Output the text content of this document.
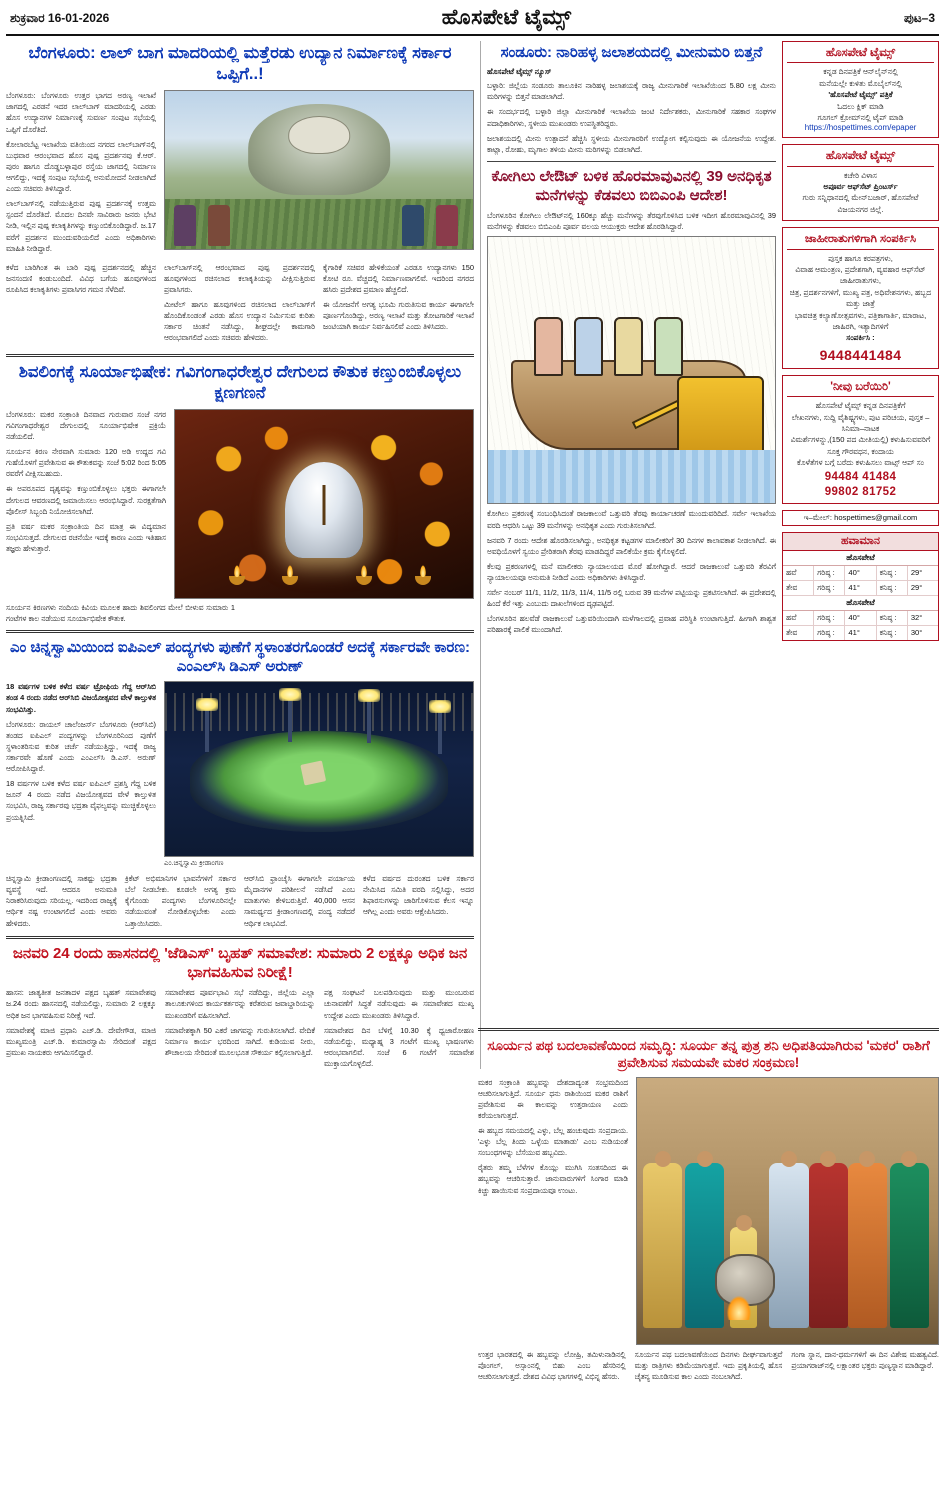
ಶುಕ್ರವಾರ 16-01-2026	ಹೊಸಪೇಟೆ ಟೈಮ್ಸ್	ಪುಟ–3
ಬೆಂಗಳೂರು: ಲಾಲ್ ಬಾಗ ಮಾದರಿಯಲ್ಲಿ ಮತ್ತೆರಡು ಉದ್ಯಾನ ನಿರ್ಮಾಣಕ್ಕೆ ಸರ್ಕಾರ ಒಪ್ಪಿಗೆ..!

ಬೆಂಗಳೂರು: ಬೆಂಗಳೂರು ಉತ್ತರ ಭಾಗದ ಅರಣ್ಯ ಇಲಾಖೆ ಜಾಗದಲ್ಲಿ ಎರಡನೆ ಇದರ ಲಾಲ್‌ಬಾಗ್ ಮಾದರಿಯಲ್ಲಿ ಎರಡು ಹೊಸ ಉದ್ಯಾನಗಳ ನಿರ್ಮಾಣಕ್ಕೆ ಸುವರ್ಣ ಸಂಪುಟ ಸಭೆಯಲ್ಲಿ ಒಪ್ಪಿಗೆ ದೊರೆತಿದೆ.

ಕೋಲಾರಬೆಟ್ಟ ಇಲಾಖೆಯ ವತಿಯಿಂದ ನಗರದ ಲಾಲ್‌ಬಾಗ್‌ನಲ್ಲಿ ಬುಧವಾರ ಆರಂಭವಾದ ಹೊಸ ಪುಷ್ಪ ಪ್ರದರ್ಶನವು ಕೆ.ಆರ್. ಪುರಂ ಹಾಗೂ ದೊಡ್ಡಬಳ್ಳಾಪುರ ರಸ್ತೆಯ ಜಾಗದಲ್ಲಿ ನಿರ್ಮಾಣ ಆಗಲಿದ್ದು, ಇದಕ್ಕೆ ಸಂಪುಟ ಸಭೆಯಲ್ಲಿ ಅನುಮೋದನೆ ನೀಡಲಾಗಿದೆ ಎಂದು ಸಚಿವರು ತಿಳಿಸಿದ್ದಾರೆ.

ಲಾಲ್‌ಬಾಗ್‌ನಲ್ಲಿ ನಡೆಯುತ್ತಿರುವ ಪುಷ್ಪ ಪ್ರದರ್ಶನಕ್ಕೆ ಉತ್ತಮ ಸ್ಪಂದನೆ ದೊರೆತಿದೆ. ಮೊದಲ ದಿನವೇ ಸಾವಿರಾರು ಜನರು ಭೇಟಿ ನೀಡಿ, ಇಲ್ಲಿನ ಪುಷ್ಪ ಕಲಾಕೃತಿಗಳನ್ನು ಕಣ್ತುಂಬಿಕೊಂಡಿದ್ದಾರೆ. ಜ.17 ವರೆಗೆ ಪ್ರದರ್ಶನ ಮುಂದುವರಿಯಲಿದೆ ಎಂದು ಅಧಿಕಾರಿಗಳು ಮಾಹಿತಿ ನೀಡಿದ್ದಾರೆ.

ಕಳೆದ ಬಾರಿಗಿಂತ ಈ ಬಾರಿ ಪುಷ್ಪ ಪ್ರದರ್ಶನದಲ್ಲಿ ಹೆಚ್ಚಿನ ಜನಸಂದಣಿ ಕಂಡುಬಂದಿದೆ. ವಿವಿಧ ಬಗೆಯ ಹೂವುಗಳಿಂದ ರೂಪಿಸಿದ ಕಲಾಕೃತಿಗಳು ಪ್ರವಾಸಿಗರ ಗಮನ ಸೆಳೆದಿವೆ.

ಲಾಲ್‌ಬಾಗ್‌ನಲ್ಲಿ ಆರಂಭವಾದ ಪುಷ್ಪ ಪ್ರದರ್ಶನದಲ್ಲಿ ಹೂವುಗಳಿಂದ ರಚಿಸಲಾದ ಕಲಾಕೃತಿಯನ್ನು ವೀಕ್ಷಿಸುತ್ತಿರುವ ಪ್ರವಾಸಿಗರು.

ಮೀಟೆಲ್ ಹಾಗೂ ಹೂವುಗಳಿಂದ ರಚಿಸಲಾದ ಲಾಲ್‌ಬಾಗ್‌ಗೆ ಹೊಂದಿಕೊಂಡಂತೆ ಎರಡು ಹೊಸ ಉದ್ಯಾನ ನಿರ್ಮಿಸುವ ಕುರಿತು ಸರ್ಕಾರ ಚಿಂತನೆ ನಡೆಸಿದ್ದು, ಶೀಘ್ರದಲ್ಲೇ ಕಾಮಗಾರಿ ಆರಂಭವಾಗಲಿದೆ ಎಂದು ಸಚಿವರು ಹೇಳಿದರು.

ಕೈಗಾರಿಕೆ ಸಚಿವರ ಹೇಳಿಕೆಯಂತೆ ಎರಡೂ ಉದ್ಯಾನಗಳು 150 ಕೋಟಿ ರೂ. ವೆಚ್ಚದಲ್ಲಿ ನಿರ್ಮಾಣವಾಗಲಿವೆ. ಇದರಿಂದ ನಗರದ ಹಸಿರು ಪ್ರದೇಶದ ಪ್ರಮಾಣ ಹೆಚ್ಚಲಿದೆ.

ಈ ಯೋಜನೆಗೆ ಅಗತ್ಯ ಭೂಮಿ ಗುರುತಿಸುವ ಕಾರ್ಯ ಈಗಾಗಲೇ ಪೂರ್ಣಗೊಂಡಿದ್ದು, ಅರಣ್ಯ ಇಲಾಖೆ ಮತ್ತು ತೋಟಗಾರಿಕೆ ಇಲಾಖೆ ಜಂಟಿಯಾಗಿ ಕಾರ್ಯ ನಿರ್ವಹಿಸಲಿವೆ ಎಂದು ತಿಳಿಸಿದರು.

ಶಿವಲಿಂಗಕ್ಕೆ ಸೂರ್ಯಾಭಿಷೇಕ: ಗವಿಗಂಗಾಧರೇಶ್ವರ ದೇಗುಲದ ಕೌತುಕ ಕಣ್ತುಂಬಿಕೊಳ್ಳಲು ಕ್ಷಣಗಣನೆ

ಬೆಂಗಳೂರು: ಮಕರ ಸಂಕ್ರಾಂತಿ ದಿನವಾದ ಗುರುವಾರ ಸಂಜೆ ನಗರ ಗವಿಗಂಗಾಧರೇಶ್ವರ ದೇಗುಲದಲ್ಲಿ ಸೂರ್ಯಾಭಿಷೇಕ ಪ್ರಕ್ರಿಯೆ ನಡೆಯಲಿದೆ.

ಸೂರ್ಯನ ಕಿರಣ ನೇರವಾಗಿ ಸುಮಾರು 120 ಅಡಿ ಉದ್ದದ ಗವಿ ಗುಹೆಯೊಳಗೆ ಪ್ರವೇಶಿಸುವ ಈ ಕೌತುಕವನ್ನು ಸಂಜೆ 5:02 ರಿಂದ 5:05 ರವರೆಗೆ ವೀಕ್ಷಿಸಬಹುದು.

ಈ ಅಪರೂಪದ ದೃಶ್ಯವನ್ನು ಕಣ್ತುಂಬಿಕೊಳ್ಳಲು ಭಕ್ತರು ಈಗಾಗಲೇ ದೇಗುಲದ ಆವರಣದಲ್ಲಿ ಜಮಾಯಿಸಲು ಆರಂಭಿಸಿದ್ದಾರೆ. ಸುರಕ್ಷತೆಗಾಗಿ ಪೊಲೀಸ್ ಸಿಬ್ಬಂದಿ ನಿಯೋಜಿಸಲಾಗಿದೆ.

ಪ್ರತಿ ವರ್ಷ ಮಕರ ಸಂಕ್ರಾಂತಿಯ ದಿನ ಮಾತ್ರ ಈ ವಿದ್ಯಮಾನ ಸಂಭವಿಸುತ್ತದೆ. ದೇಗುಲದ ರಚನೆಯೇ ಇದಕ್ಕೆ ಕಾರಣ ಎಂದು ಇತಿಹಾಸ ತಜ್ಞರು ಹೇಳುತ್ತಾರೆ.

ಸೂರ್ಯನ ಕಿರಣಗಳು ನಂದಿಯ ಕಿವಿಯ ಮೂಲಕ ಹಾದು ಶಿವಲಿಂಗದ ಮೇಲೆ ಬೀಳುವ ಸುಮಾರು 1 ಗಂಟೆಗಳ ಕಾಲ ನಡೆಯುವ ಸೂರ್ಯಾಭಿಷೇಕ ಕೌತುಕ.

ಎಂ ಚಿನ್ನಸ್ವಾಮಿಯಿಂದ ಐಪಿಎಲ್ ಪಂದ್ಯಗಳು ಪುಣೆಗೆ ಸ್ಥಳಾಂತರಗೊಂಡರೆ ಅದಕ್ಕೆ ಸರ್ಕಾರವೇ ಕಾರಣ: ಎಂಎಲ್‌ಸಿ ಡಿಎಸ್ ಅರುಣ್

18 ವರ್ಷಗಳ ಬಳಿಕ ಕಳೆದ ವರ್ಷ ಟ್ರೋಫಿಯ ಗೆದ್ದ ಆರ್‌ಸಿಬಿ ತಂಡ 4 ರಂದು ನಡೆದ ಆರ್‌ಸಿಬಿ ವಿಜಯೋತ್ಸವದ ವೇಳೆ ಕಾಲ್ತುಳಿತ ಸಂಭವಿಸಿತ್ತು.

ಬೆಂಗಳೂರು: ರಾಯಲ್ ಚಾಲೆಂಜರ್ಸ್ ಬೆಂಗಳೂರು (ಆರ್‌ಸಿಬಿ) ತಂಡದ ಐಪಿಎಲ್ ಪಂದ್ಯಗಳನ್ನು ಬೆಂಗಳೂರಿನಿಂದ ಪುಣೆಗೆ ಸ್ಥಳಾಂತರಿಸುವ ಕುರಿತ ಚರ್ಚೆ ನಡೆಯುತ್ತಿದ್ದು, ಇದಕ್ಕೆ ರಾಜ್ಯ ಸರ್ಕಾರವೇ ಹೊಣೆ ಎಂದು ಎಂಎಲ್‌ಸಿ ಡಿ.ಎಸ್. ಅರುಣ್ ಆರೋಪಿಸಿದ್ದಾರೆ.

18 ವರ್ಷಗಳ ಬಳಿಕ ಕಳೆದ ವರ್ಷ ಐಪಿಎಲ್ ಪ್ರಶಸ್ತಿ ಗೆದ್ದ ಬಳಿಕ ಜೂನ್ 4 ರಂದು ನಡೆದ ವಿಜಯೋತ್ಸವದ ವೇಳೆ ಕಾಲ್ತುಳಿತ ಸಂಭವಿಸಿ, ರಾಜ್ಯ ಸರ್ಕಾರವು ಭದ್ರತಾ ವೈಫಲ್ಯವನ್ನು ಮುಚ್ಚಿಕೊಳ್ಳಲು ಪ್ರಯತ್ನಿಸಿದೆ.

ಎಂ.ಚಿನ್ನಸ್ವಾಮಿ ಕ್ರೀಡಾಂಗಣ

ಚಿನ್ನಸ್ವಾಮಿ ಕ್ರೀಡಾಂಗಣದಲ್ಲಿ ಸಾಕಷ್ಟು ಭದ್ರತಾ ವ್ಯವಸ್ಥೆ ಇದೆ. ಆದರೂ ಅನುಮತಿ ನಿರಾಕರಿಸಿರುವುದು ಸರಿಯಲ್ಲ. ಇದರಿಂದ ರಾಜ್ಯಕ್ಕೆ ಆರ್ಥಿಕ ನಷ್ಟ ಉಂಟಾಗಲಿದೆ ಎಂದು ಅವರು ಹೇಳಿದರು.

ಕ್ರಿಕೆಟ್ ಅಭಿಮಾನಿಗಳ ಭಾವನೆಗಳಿಗೆ ಸರ್ಕಾರ ಬೆಲೆ ನೀಡಬೇಕು. ಕೂಡಲೇ ಅಗತ್ಯ ಕ್ರಮ ಕೈಗೊಂಡು ಪಂದ್ಯಗಳು ಬೆಂಗಳೂರಿನಲ್ಲೇ ನಡೆಯುವಂತೆ ನೋಡಿಕೊಳ್ಳಬೇಕು ಎಂದು ಒತ್ತಾಯಿಸಿದರು.

ಆರ್‌ಸಿಬಿ ಫ್ರಾಂಚೈಸಿ ಈಗಾಗಲೇ ಪರ್ಯಾಯ ಮೈದಾನಗಳ ಪರಿಶೀಲನೆ ನಡೆಸಿದೆ ಎಂಬ ಮಾತುಗಳು ಕೇಳಿಬರುತ್ತಿವೆ. 40,000 ಆಸನ ಸಾಮರ್ಥ್ಯದ ಕ್ರೀಡಾಂಗಣದಲ್ಲಿ ಪಂದ್ಯ ನಡೆದರೆ ಆರ್ಥಿಕ ಲಾಭವಿದೆ.

ಕಳೆದ ವರ್ಷದ ದುರಂತದ ಬಳಿಕ ಸರ್ಕಾರ ನೇಮಿಸಿದ ಸಮಿತಿ ವರದಿ ಸಲ್ಲಿಸಿದ್ದು, ಅದರ ಶಿಫಾರಸುಗಳನ್ನು ಜಾರಿಗೊಳಿಸುವ ಕೆಲಸ ಇನ್ನೂ ಆಗಿಲ್ಲ ಎಂದು ಅವರು ಆಕ್ಷೇಪಿಸಿದರು.

ಜನವರಿ 24 ರಂದು ಹಾಸನದಲ್ಲಿ 'ಜೆಡಿಎಸ್' ಬೃಹತ್ ಸಮಾವೇಶ: ಸುಮಾರು 2 ಲಕ್ಷಕ್ಕೂ ಅಧಿಕ ಜನ ಭಾಗವಹಿಸುವ ನಿರೀಕ್ಷೆ!

ಹಾಸನ: ಜಾತ್ಯತೀತ ಜನತಾದಳ ಪಕ್ಷದ ಬೃಹತ್ ಸಮಾವೇಶವು ಜ.24 ರಂದು ಹಾಸನದಲ್ಲಿ ನಡೆಯಲಿದ್ದು, ಸುಮಾರು 2 ಲಕ್ಷಕ್ಕೂ ಅಧಿಕ ಜನ ಭಾಗವಹಿಸುವ ನಿರೀಕ್ಷೆ ಇದೆ.

ಸಮಾವೇಶಕ್ಕೆ ಮಾಜಿ ಪ್ರಧಾನಿ ಎಚ್.ಡಿ. ದೇವೇಗೌಡ, ಮಾಜಿ ಮುಖ್ಯಮಂತ್ರಿ ಎಚ್.ಡಿ. ಕುಮಾರಸ್ವಾಮಿ ಸೇರಿದಂತೆ ಪಕ್ಷದ ಪ್ರಮುಖ ನಾಯಕರು ಆಗಮಿಸಲಿದ್ದಾರೆ.

ಸಮಾವೇಶದ ಪೂರ್ವಭಾವಿ ಸಭೆ ನಡೆದಿದ್ದು, ಜಿಲ್ಲೆಯ ಎಲ್ಲಾ ತಾಲೂಕುಗಳಿಂದ ಕಾರ್ಯಕರ್ತರನ್ನು ಕರೆತರುವ ಜವಾಬ್ದಾರಿಯನ್ನು ಮುಖಂಡರಿಗೆ ವಹಿಸಲಾಗಿದೆ.

ಸಮಾವೇಶಕ್ಕಾಗಿ 50 ಎಕರೆ ಜಾಗವನ್ನು ಗುರುತಿಸಲಾಗಿದೆ. ವೇದಿಕೆ ನಿರ್ಮಾಣ ಕಾರ್ಯ ಭರದಿಂದ ಸಾಗಿದೆ. ಕುಡಿಯುವ ನೀರು, ಶೌಚಾಲಯ ಸೇರಿದಂತೆ ಮೂಲಭೂತ ಸೌಕರ್ಯ ಕಲ್ಪಿಸಲಾಗುತ್ತಿದೆ.

ಪಕ್ಷ ಸಂಘಟನೆ ಬಲಪಡಿಸುವುದು ಮತ್ತು ಮುಂಬರುವ ಚುನಾವಣೆಗೆ ಸಿದ್ಧತೆ ನಡೆಸುವುದು ಈ ಸಮಾವೇಶದ ಮುಖ್ಯ ಉದ್ದೇಶ ಎಂದು ಮುಖಂಡರು ತಿಳಿಸಿದ್ದಾರೆ.

ಸಮಾವೇಶದ ದಿನ ಬೆಳಿಗ್ಗೆ 10.30 ಕ್ಕೆ ಧ್ವಜಾರೋಹಣ ನಡೆಯಲಿದ್ದು, ಮಧ್ಯಾಹ್ನ 3 ಗಂಟೆಗೆ ಮುಖ್ಯ ಭಾಷಣಗಳು ಆರಂಭವಾಗಲಿವೆ. ಸಂಜೆ 6 ಗಂಟೆಗೆ ಸಮಾವೇಶ ಮುಕ್ತಾಯಗೊಳ್ಳಲಿದೆ.

ಸಂಡೂರು: ನಾರಿಹಳ್ಳ ಜಲಾಶಯದಲ್ಲಿ ಮೀನುಮರಿ ಬಿತ್ತನೆ
ಹೊಸಪೇಟೆ ಟೈಮ್ಸ್ ನ್ಯೂಸ್

ಬಳ್ಳಾರಿ: ಜಿಲ್ಲೆಯ ಸಂಡೂರು ತಾಲೂಕಿನ ನಾರಿಹಳ್ಳ ಜಲಾಶಯಕ್ಕೆ ರಾಜ್ಯ ಮೀನುಗಾರಿಕೆ ಇಲಾಖೆಯಿಂದ 5.80 ಲಕ್ಷ ಮೀನು ಮರಿಗಳನ್ನು ಬಿತ್ತನೆ ಮಾಡಲಾಗಿದೆ.

ಈ ಸಂದರ್ಭದಲ್ಲಿ ಬಳ್ಳಾರಿ ಜಿಲ್ಲಾ ಮೀನುಗಾರಿಕೆ ಇಲಾಖೆಯ ಜಂಟಿ ನಿರ್ದೇಶಕರು, ಮೀನುಗಾರಿಕೆ ಸಹಕಾರ ಸಂಘಗಳ ಪದಾಧಿಕಾರಿಗಳು, ಸ್ಥಳೀಯ ಮುಖಂಡರು ಉಪಸ್ಥಿತರಿದ್ದರು.

ಜಲಾಶಯದಲ್ಲಿ ಮೀನು ಉತ್ಪಾದನೆ ಹೆಚ್ಚಿಸಿ ಸ್ಥಳೀಯ ಮೀನುಗಾರರಿಗೆ ಉದ್ಯೋಗ ಕಲ್ಪಿಸುವುದು ಈ ಯೋಜನೆಯ ಉದ್ದೇಶ. ಕಾಟ್ಲಾ, ರೋಹು, ಮೃಗಾಲ ತಳಿಯ ಮೀನು ಮರಿಗಳನ್ನು ಬಿಡಲಾಗಿದೆ.

ಕೋಗಿಲು ಲೇಔಟ್ ಬಳಿಕ ಹೊರಮಾವುವಿನಲ್ಲಿ 39 ಅನಧಿಕೃತ ಮನೆಗಳನ್ನು ಕೆಡವಲು ಬಿಬಿಎಂಪಿ ಆದೇಶ!

ಬೆಂಗಳೂರಿನ ಕೋಗಿಲು ಲೇಔಟ್‌ನಲ್ಲಿ 160ಕ್ಕೂ ಹೆಚ್ಚು ಮನೆಗಳನ್ನು ತೆರವುಗೊಳಿಸಿದ ಬಳಿಕ ಇದೀಗ ಹೊರಮಾವುವಿನಲ್ಲಿ 39 ಮನೆಗಳನ್ನು ಕೆಡವಲು ಬಿಬಿಎಂಪಿ ಪೂರ್ವ ವಲಯ ಆಯುಕ್ತರು ಆದೇಶ ಹೊರಡಿಸಿದ್ದಾರೆ.

ಕೋಗಿಲು ಪ್ರಕರಣಕ್ಕೆ ಸಂಬಂಧಿಸಿದಂತೆ ರಾಜಕಾಲುವೆ ಒತ್ತುವರಿ ತೆರವು ಕಾರ್ಯಾಚರಣೆ ಮುಂದುವರಿದಿದೆ. ಸರ್ವೇ ಇಲಾಖೆಯ ವರದಿ ಆಧರಿಸಿ ಒಟ್ಟು 39 ಮನೆಗಳನ್ನು ಅನಧಿಕೃತ ಎಂದು ಗುರುತಿಸಲಾಗಿದೆ.

ಜನವರಿ 7 ರಂದು ಆದೇಶ ಹೊರಡಿಸಲಾಗಿದ್ದು, ಅನಧಿಕೃತ ಕಟ್ಟಡಗಳ ಮಾಲೀಕರಿಗೆ 30 ದಿನಗಳ ಕಾಲಾವಕಾಶ ನೀಡಲಾಗಿದೆ. ಈ ಅವಧಿಯೊಳಗೆ ಸ್ವಯಂ ಪ್ರೇರಿತರಾಗಿ ತೆರವು ಮಾಡದಿದ್ದರೆ ಪಾಲಿಕೆಯೇ ಕ್ರಮ ಕೈಗೊಳ್ಳಲಿದೆ.

ಕೆಲವು ಪ್ರಕರಣಗಳಲ್ಲಿ ಮನೆ ಮಾಲೀಕರು ನ್ಯಾಯಾಲಯದ ಮೊರೆ ಹೋಗಿದ್ದಾರೆ. ಆದರೆ ರಾಜಕಾಲುವೆ ಒತ್ತುವರಿ ತೆರವಿಗೆ ನ್ಯಾಯಾಲಯವೂ ಅನುಮತಿ ನೀಡಿದೆ ಎಂದು ಅಧಿಕಾರಿಗಳು ತಿಳಿಸಿದ್ದಾರೆ.

ಸರ್ವೇ ನಂಬರ್ 11/1, 11/2, 11/3, 11/4, 11/5 ರಲ್ಲಿ ಬರುವ 39 ಮನೆಗಳ ಪಟ್ಟಿಯನ್ನು ಪ್ರಕಟಿಸಲಾಗಿದೆ. ಈ ಪ್ರದೇಶದಲ್ಲಿ ಹಿಂದೆ ಕೆರೆ ಇತ್ತು ಎಂಬುದು ದಾಖಲೆಗಳಿಂದ ದೃಢಪಟ್ಟಿದೆ.

ಬೆಂಗಳೂರಿನ ಹಲವೆಡೆ ರಾಜಕಾಲುವೆ ಒತ್ತುವರಿಯಿಂದಾಗಿ ಮಳೆಗಾಲದಲ್ಲಿ ಪ್ರವಾಹ ಪರಿಸ್ಥಿತಿ ಉಂಟಾಗುತ್ತಿದೆ. ಹೀಗಾಗಿ ಶಾಶ್ವತ ಪರಿಹಾರಕ್ಕೆ ಪಾಲಿಕೆ ಮುಂದಾಗಿದೆ.

ಹೊಸಪೇಟೆ ಟೈಮ್ಸ್
ಕನ್ನಡ ದಿನಪತ್ರಿಕೆ ಆನ್‌ಲೈನ್‌ನಲ್ಲಿ
ಮನೆಯಲ್ಲೇ ಕುಳಿತು ಮೊಬೈಲ್‌ನಲ್ಲಿ
'ಹೊಸಪೇಟೆ ಟೈಮ್ಸ್' ಪತ್ರಿಕೆ
ಓದಲು ಕ್ಲಿಕ್ ಮಾಡಿ
ಗೂಗಲ್ ಕ್ರೋಮ್‌ನಲ್ಲಿ ಟೈಪ್ ಮಾಡಿ
https://hospettimes.com/epaper
ಹೊಸಪೇಟೆ ಟೈಮ್ಸ್
ಕಚೇರಿ ವಿಳಾಸ
ಅಪೂರ್ವ ಆಫ್‌ಸೆಟ್ ಪ್ರಿಂಟರ್ಸ್
ಗುರು ಸನ್ನಿಧಾನದಲ್ಲಿ ಮೇನ್‌ಬಜಾರ್, ಹೊಸಪೇಟೆ
ವಿಜಯನಗರ ಜಿಲ್ಲೆ.
ಜಾಹೀರಾತುಗಳಿಗಾಗಿ ಸಂಪರ್ಕಿಸಿ
ಪುಸ್ತಕ ಹಾಗೂ ಕರಪತ್ರಗಳು,
ವಿವಾಹ ಆಮಂತ್ರಣ, ಪ್ರದೇಶಗಾಗಿ, ವ್ಯವಹಾರ ಆಫ್‌ಸೆಟ್ ಜಾಹೀರಾತುಗಳು,
ಚಿತ್ರ, ಪ್ರದರ್ಶನಗಳಿಗೆ, ಮುಖ್ಯ ಪತ್ರ, ಅಧಿವೇಶನಗಳು, ಹಬ್ಬದ ಮತ್ತು ಜಾತ್ರೆ
ಭಾವಚಿತ್ರ ಕಲ್ಯಾಣೋತ್ಸವಗಳು, ಪತ್ರಿಕಾಗಾರ್ತಿ, ಮಾರಾಟ, ಜಾಹಿರಗಿ, ಇತ್ಯಾದಿಗಳಿಗೆ
ಸಂಪರ್ಕಿಸಿ :
9448441484
'ನೀವು ಬರೆಯಿರಿ'
ಹೊಸಪೇಟೆ ಟೈಮ್ಸ್ ಕನ್ನಡ ದಿನಪತ್ರಿಕೆಗೆ
ಲೇಖನಗಳು, ಸುದ್ದಿ ವೈಶಿಷ್ಟ್ಯಗಳು, ಪುಟ ಪರಿಚಯ, ಪುಸ್ತಕ – ಸಿನಿಮಾ–ನಾಟಕ
ವಿಮರ್ಶೆಗಳನ್ನು,(150 ಪದ ಮೀತಿಯಲ್ಲಿ) ಕಳುಹಿಸುವವರಿಗೆ ಸೂಕ್ತ ಗೌರವಧನ, ಕಂದಾಯ
ಕೊಳೆತೆಗಳ ಬಗ್ಗೆ ಬರೆದು ಕಳುಹಿಸಲು ವಾಟ್ಸ್ ಆಪ್ ಸಂ
94484 41484
99802 81752
ಇ–ಮೇಲ್: hospettimes@gmail.com
ಹವಾಮಾನ
ಹೊಸಪೇಟೆ
ಹವೆ	ಗರಿಷ್ಠ :	40°	ಕನಿಷ್ಠ :	29°
ತೇವ	ಗರಿಷ್ಠ :	41°	ಕನಿಷ್ಠ :	29°
ಹೊಸಪೇಟೆ
ಹವೆ	ಗರಿಷ್ಠ :	40°	ಕನಿಷ್ಠ :	32°
ತೇವ	ಗರಿಷ್ಠ :	41°	ಕನಿಷ್ಠ :	30°
ಸೂರ್ಯನ ಪಥ ಬದಲಾವಣೆಯಿಂದ ಸಮೃದ್ಧಿ: ಸೂರ್ಯ ತನ್ನ ಪುತ್ರ ಶನಿ ಅಧಿಪತಿಯಾಗಿರುವ 'ಮಕರ' ರಾಶಿಗೆ ಪ್ರವೇಶಿಸುವ ಸಮಯವೇ ಮಕರ ಸಂಕ್ರಮಣ!

ಮಕರ ಸಂಕ್ರಾಂತಿ ಹಬ್ಬವನ್ನು ದೇಶದಾದ್ಯಂತ ಸಂಭ್ರಮದಿಂದ ಆಚರಿಸಲಾಗುತ್ತಿದೆ. ಸೂರ್ಯ ಧನು ರಾಶಿಯಿಂದ ಮಕರ ರಾಶಿಗೆ ಪ್ರವೇಶಿಸುವ ಈ ಕಾಲವನ್ನು ಉತ್ತರಾಯಣ ಎಂದು ಕರೆಯಲಾಗುತ್ತದೆ.

ಈ ಹಬ್ಬದ ಸಮಯದಲ್ಲಿ ಎಳ್ಳು, ಬೆಲ್ಲ ಹಂಚುವುದು ಸಂಪ್ರದಾಯ. 'ಎಳ್ಳು ಬೆಲ್ಲ ತಿಂದು ಒಳ್ಳೆಯ ಮಾತಾಡು' ಎಂಬ ನುಡಿಯಂತೆ ಸಂಬಂಧಗಳನ್ನು ಬೆಸೆಯುವ ಹಬ್ಬವಿದು.

ರೈತರು ತಮ್ಮ ಬೆಳೆಗಳ ಕೊಯ್ಲು ಮುಗಿಸಿ ಸಂತಸದಿಂದ ಈ ಹಬ್ಬವನ್ನು ಆಚರಿಸುತ್ತಾರೆ. ಜಾನುವಾರುಗಳಿಗೆ ಸಿಂಗಾರ ಮಾಡಿ ಕಿಚ್ಚು ಹಾಯಿಸುವ ಸಂಪ್ರದಾಯವೂ ಉಂಟು.

ಉತ್ತರ ಭಾರತದಲ್ಲಿ ಈ ಹಬ್ಬವನ್ನು ಲೋಹ್ರಿ, ತಮಿಳುನಾಡಿನಲ್ಲಿ ಪೊಂಗಲ್, ಅಸ್ಸಾಂನಲ್ಲಿ ಬಿಹು ಎಂಬ ಹೆಸರಿನಲ್ಲಿ ಆಚರಿಸಲಾಗುತ್ತದೆ. ದೇಶದ ವಿವಿಧ ಭಾಗಗಳಲ್ಲಿ ವಿಭಿನ್ನ ಹೆಸರು.

ಸೂರ್ಯನ ಪಥ ಬದಲಾವಣೆಯಿಂದ ದಿನಗಳು ದೀರ್ಘವಾಗುತ್ತವೆ ಮತ್ತು ರಾತ್ರಿಗಳು ಕಡಿಮೆಯಾಗುತ್ತವೆ. ಇದು ಪ್ರಕೃತಿಯಲ್ಲಿ ಹೊಸ ಚೈತನ್ಯ ಮೂಡಿಸುವ ಕಾಲ ಎಂದು ನಂಬಲಾಗಿದೆ.

ಗಂಗಾ ಸ್ನಾನ, ದಾನ-ಧರ್ಮಗಳಿಗೆ ಈ ದಿನ ವಿಶೇಷ ಮಹತ್ವವಿದೆ. ಪ್ರಯಾಗರಾಜ್‌ನಲ್ಲಿ ಲಕ್ಷಾಂತರ ಭಕ್ತರು ಪುಣ್ಯಸ್ನಾನ ಮಾಡಿದ್ದಾರೆ.
